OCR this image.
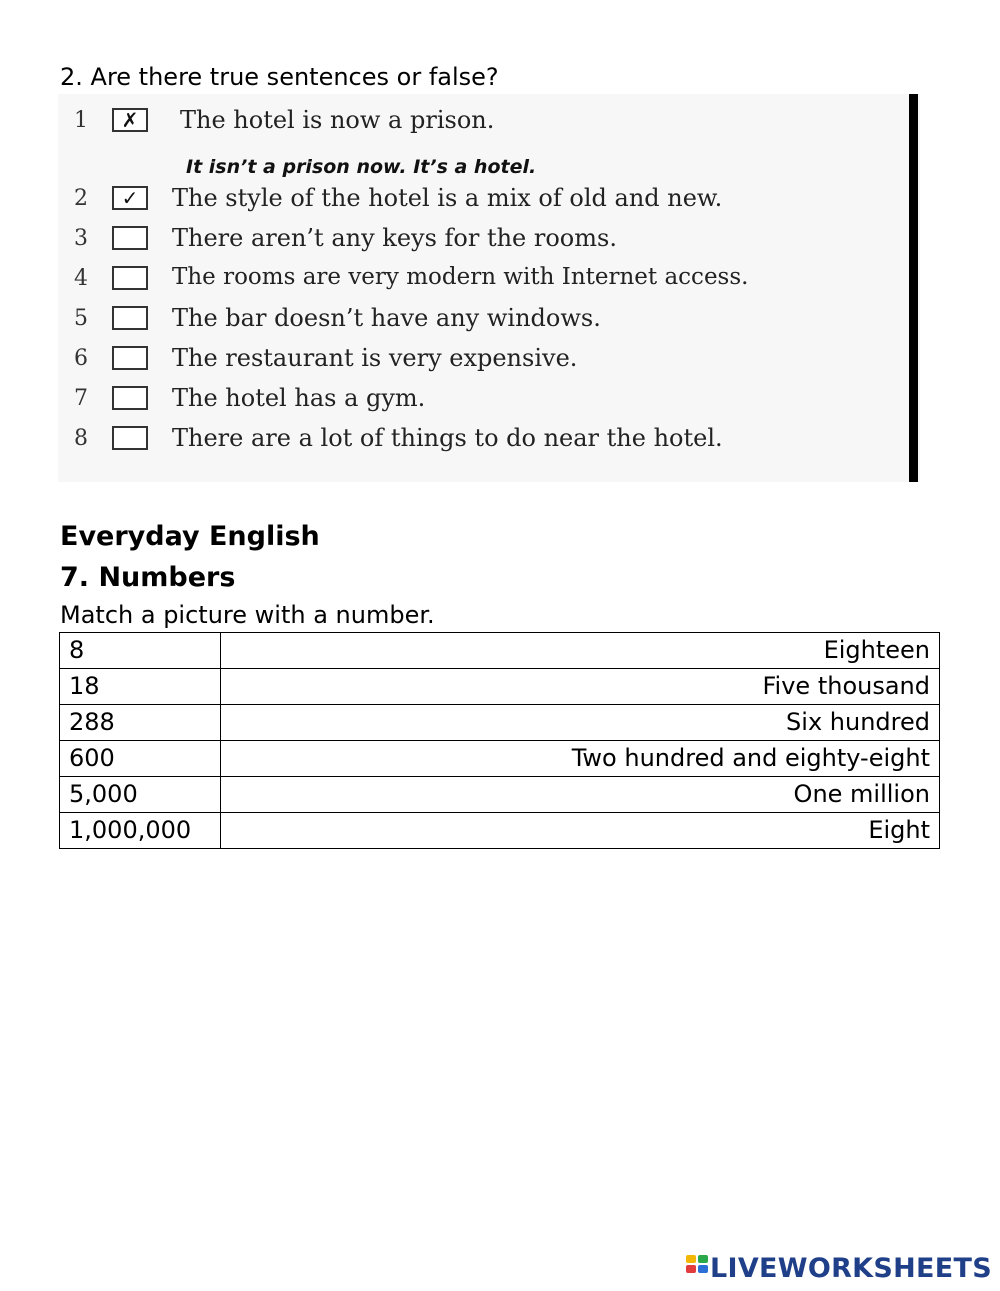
2. Are there true sentences or false?
1	✗	The hotel is now a prison.
It isn’t a prison now. It’s a hotel.
2	✓	The style of the hotel is a mix of old and new.
3	There aren’t any keys for the rooms.
4	The rooms are very modern with Internet access.
5	The bar doesn’t have any windows.
6	The restaurant is very expensive.
7	The hotel has a gym.
8	There are a lot of things to do near the hotel.
Everyday English
7. Numbers
Match a picture with a number.
8	Eighteen
18	Five thousand
288	Six hundred
600	Two hundred and eighty-eight
5,000	One million
1,000,000	Eight
LIVEWORKSHEETS
